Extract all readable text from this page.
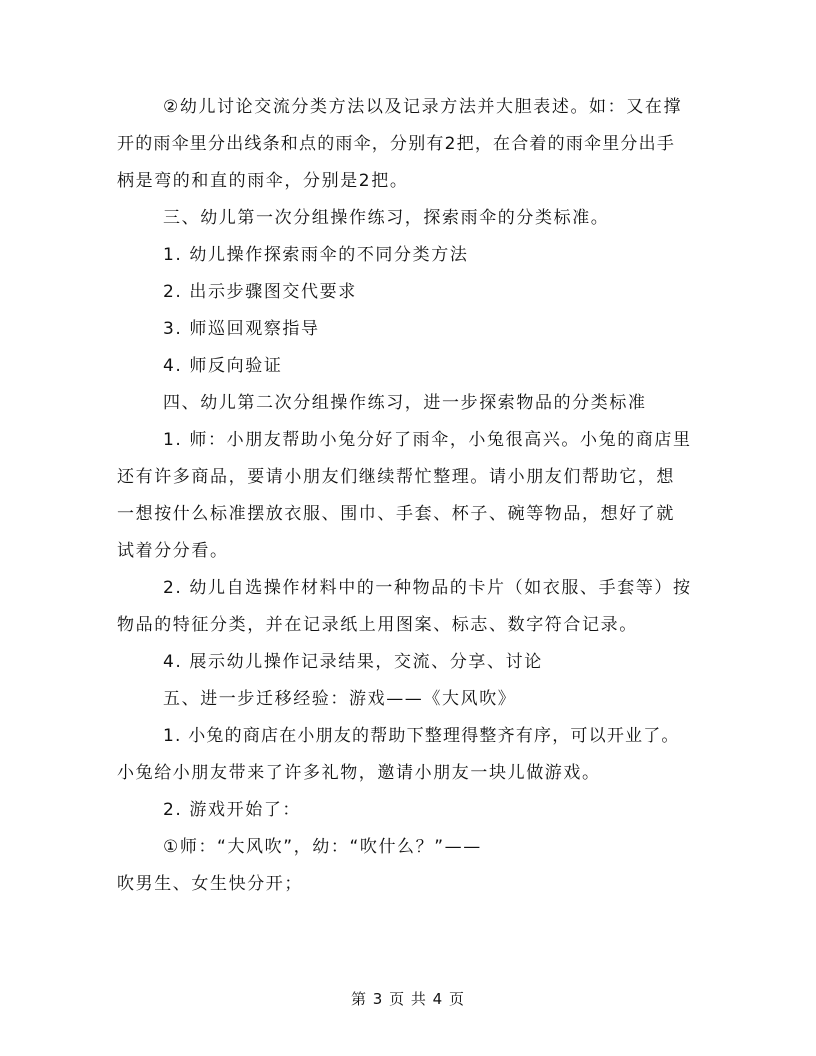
②幼儿讨论交流分类方法以及记录方法并大胆表述。如：又在撑
开的雨伞里分出线条和点的雨伞，分别有2把，在合着的雨伞里分出手
柄是弯的和直的雨伞，分别是2把。
三、幼儿第一次分组操作练习，探索雨伞的分类标准。
1. 幼儿操作探索雨伞的不同分类方法
2. 出示步骤图交代要求
3. 师巡回观察指导
4. 师反向验证
四、幼儿第二次分组操作练习，进一步探索物品的分类标准
1. 师：小朋友帮助小兔分好了雨伞，小兔很高兴。小兔的商店里
还有许多商品，要请小朋友们继续帮忙整理。请小朋友们帮助它，想
一想按什么标准摆放衣服、围巾、手套、杯子、碗等物品，想好了就
试着分分看。
2. 幼儿自选操作材料中的一种物品的卡片（如衣服、手套等）按
物品的特征分类，并在记录纸上用图案、标志、数字符合记录。
4. 展示幼儿操作记录结果，交流、分享、讨论
五、进一步迁移经验：游戏——《大风吹》
1. 小兔的商店在小朋友的帮助下整理得整齐有序，可以开业了。
小兔给小朋友带来了许多礼物，邀请小朋友一块儿做游戏。
2. 游戏开始了：
①师：“大风吹”，幼：“吹什么？”——
吹男生、女生快分开；
第 3 页 共 4 页
